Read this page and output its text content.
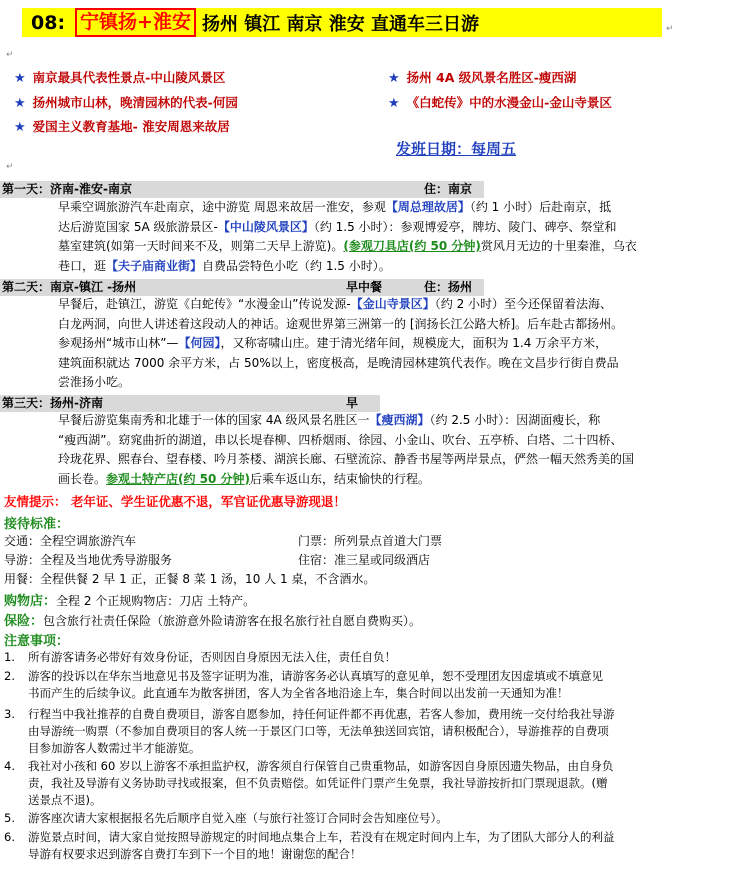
08: 宁镇扬+淮安 扬州 镇江 南京 淮安 直通车三日游	↵
↵
★ 南京最具代表性景点-中山陵风景区
★ 扬州城市山林，晚清园林的代表-何园
★ 爱国主义教育基地- 淮安周恩来故居
★ 扬州 4A 级风景名胜区-瘦西湖
★ 《白蛇传》中的水漫金山-金山寺景区
发班日期：每周五
↵
第一天：济南-淮安-南京	住：南京
早乘空调旅游汽车赴南京，途中游览 周恩来故居一淮安，参观【周总理故居】（约 1 小时）后赴南京，抵
达后游览国家 5A 级旅游景区-【中山陵风景区】（约 1.5 小时）：参观博爱亭，牌坊、陵门、碑亭、祭堂和
墓室建筑(如第一天时间来不及，则第二天早上游览)。(参观刀具店(约 50 分钟)赏风月无边的十里秦淮，乌衣
巷口，逛【夫子庙商业街】自费品尝特色小吃（约 1.5 小时）。
第二天：南京-镇江 -扬州	早中餐	住：扬州
早餐后，赴镇江，游览《白蛇传》“水漫金山”传说发源-【金山寺景区】（约 2 小时）至今还保留着法海、
白龙两洞，向世人讲述着这段动人的神话。途观世界第三洲第一的 [润扬长江公路大桥]。后车赴古都扬州。
参观扬州“城市山林”—【何园】，又称寄啸山庄。建于清光绪年间，规模庞大，面积为 1.4 万余平方米，
建筑面积就达 7000 余平方米，占 50%以上，密度极高，是晚清园林建筑代表作。晚在文昌步行街自费品
尝淮扬小吃。
第三天：扬州-济南	早
早餐后游览集南秀和北雄于一体的国家 4A 级风景名胜区一【瘦西湖】（约 2.5 小时）：因湖面瘦长，称
“瘦西湖”。窈窕曲折的湖道，串以长堤春柳、四桥烟雨、徐园、小金山、吹台、五亭桥、白塔、二十四桥、
玲珑花界、熙春台、望春楼、吟月茶楼、湖滨长廊、石壁流淙、静香书屋等两岸景点，俨然一幅天然秀美的国
画长卷。参观土特产店(约 50 分钟)后乘车返山东，结束愉快的行程。
友情提示： 老年证、学生证优惠不退，军官证优惠导游现退！
接待标准：
交通：全程空调旅游汽车	门票：所列景点首道大门票
导游：全程及当地优秀导游服务	住宿：准三星或同级酒店
用餐：全程供餐 2 早 1 正，正餐 8 菜 1 汤，10 人 1 桌，不含酒水。
购物店：全程 2 个正规购物店：刀店 土特产。
保险：包含旅行社责任保险（旅游意外险请游客在报名旅行社自愿自费购买）。
注意事项：
1. 所有游客请务必带好有效身份证，否则因自身原因无法入住，责任自负！
2. 游客的投诉以在华东当地意见书及签字证明为准，请游客务必认真填写的意见单，恕不受理团友因虚填或不填意见
书而产生的后续争议。此直通车为散客拼团，客人为全省各地沿途上车，集合时间以出发前一天通知为准！
3. 行程当中我社推荐的自费自费项目，游客自愿参加，持任何证件都不再优惠，若客人参加，费用统一交付给我社导游
由导游统一购票（不参加自费项目的客人统一于景区门口等，无法单独送回宾馆，请积极配合），导游推荐的自费项
目参加游客人数需过半才能游览。
4. 我社对小孩和 60 岁以上游客不承担监护权，游客须自行保管自己贵重物品，如游客因自身原因遗失物品，由自身负
责，我社及导游有义务协助寻找或报案，但不负责赔偿。如凭证件门票产生免票，我社导游按折扣门票现退款。(赠
送景点不退)。
5. 游客座次请大家根据报名先后顺序自觉入座（与旅行社签订合同时会告知座位号）。
6. 游览景点时间，请大家自觉按照导游规定的时间地点集合上车，若没有在规定时间内上车，为了团队大部分人的利益
导游有权要求迟到游客自费打车到下一个目的地！谢谢您的配合！
